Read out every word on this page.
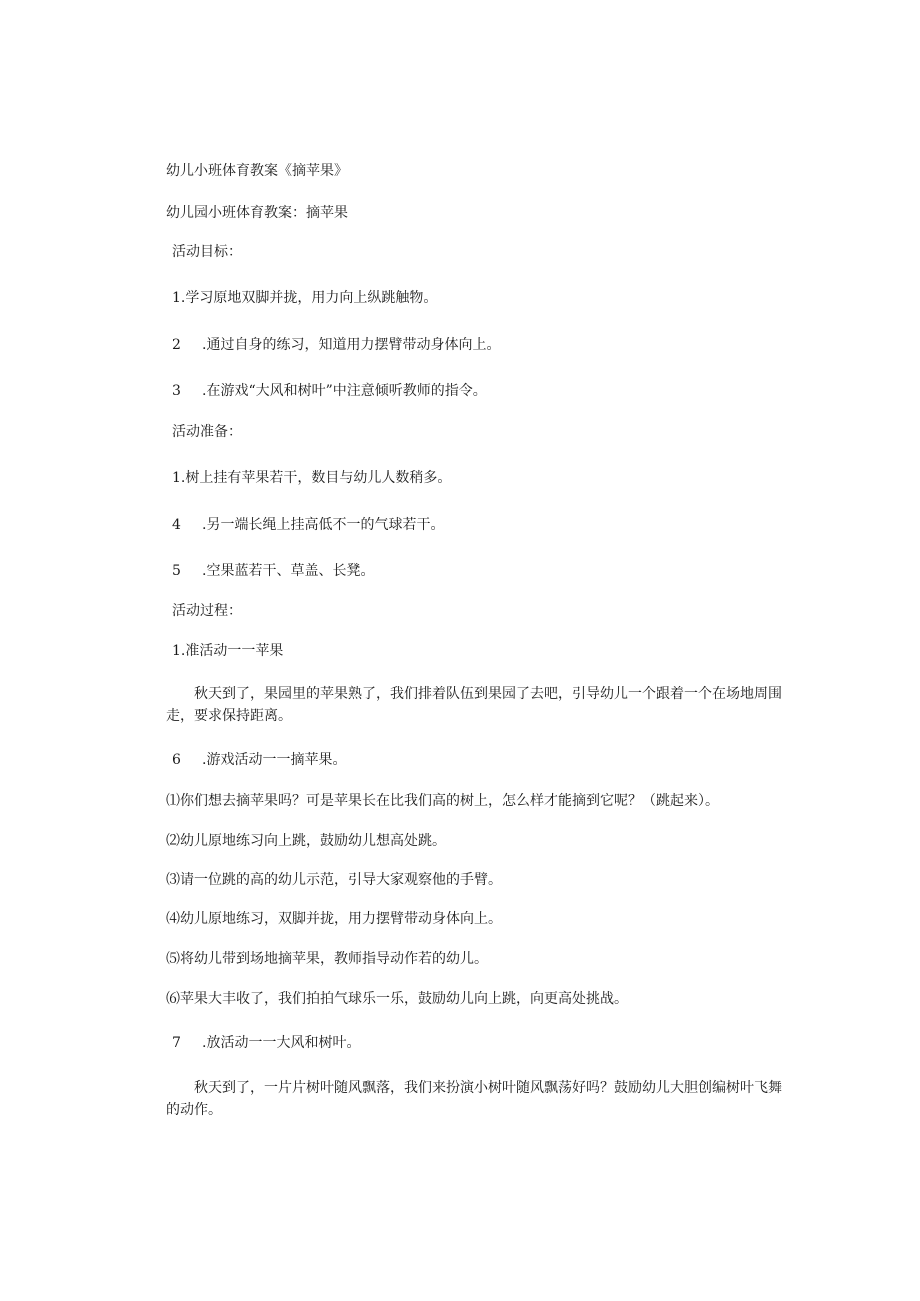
幼儿小班体育教案《摘苹果》
幼儿园小班体育教案：摘苹果
活动目标：
1.学习原地双脚并拢，用力向上纵跳触物。
2 .通过自身的练习，知道用力摆臂带动身体向上。
3 .在游戏“大风和树叶”中注意倾听教师的指令。
活动准备：
1.树上挂有苹果若干，数目与幼儿人数稍多。
4 .另一端长绳上挂高低不一的气球若干。
5 .空果蓝若干、草盖、长凳。
活动过程：
1.准活动一一苹果
秋天到了，果园里的苹果熟了，我们排着队伍到果园了去吧，引导幼儿一个跟着一个在场地周围走，要求保持距离。
6 .游戏活动一一摘苹果。
⑴你们想去摘苹果吗？可是苹果长在比我们高的树上，怎么样才能摘到它呢？（跳起来）。
⑵幼儿原地练习向上跳，鼓励幼儿想高处跳。
⑶请一位跳的高的幼儿示范，引导大家观察他的手臂。
⑷幼儿原地练习，双脚并拢，用力摆臂带动身体向上。
⑸将幼儿带到场地摘苹果，教师指导动作若的幼儿。
⑹苹果大丰收了，我们拍拍气球乐一乐，鼓励幼儿向上跳，向更高处挑战。
7 .放活动一一大风和树叶。
秋天到了，一片片树叶随风飘落，我们来扮演小树叶随风飘荡好吗？鼓励幼儿大胆创编树叶飞舞的动作。
